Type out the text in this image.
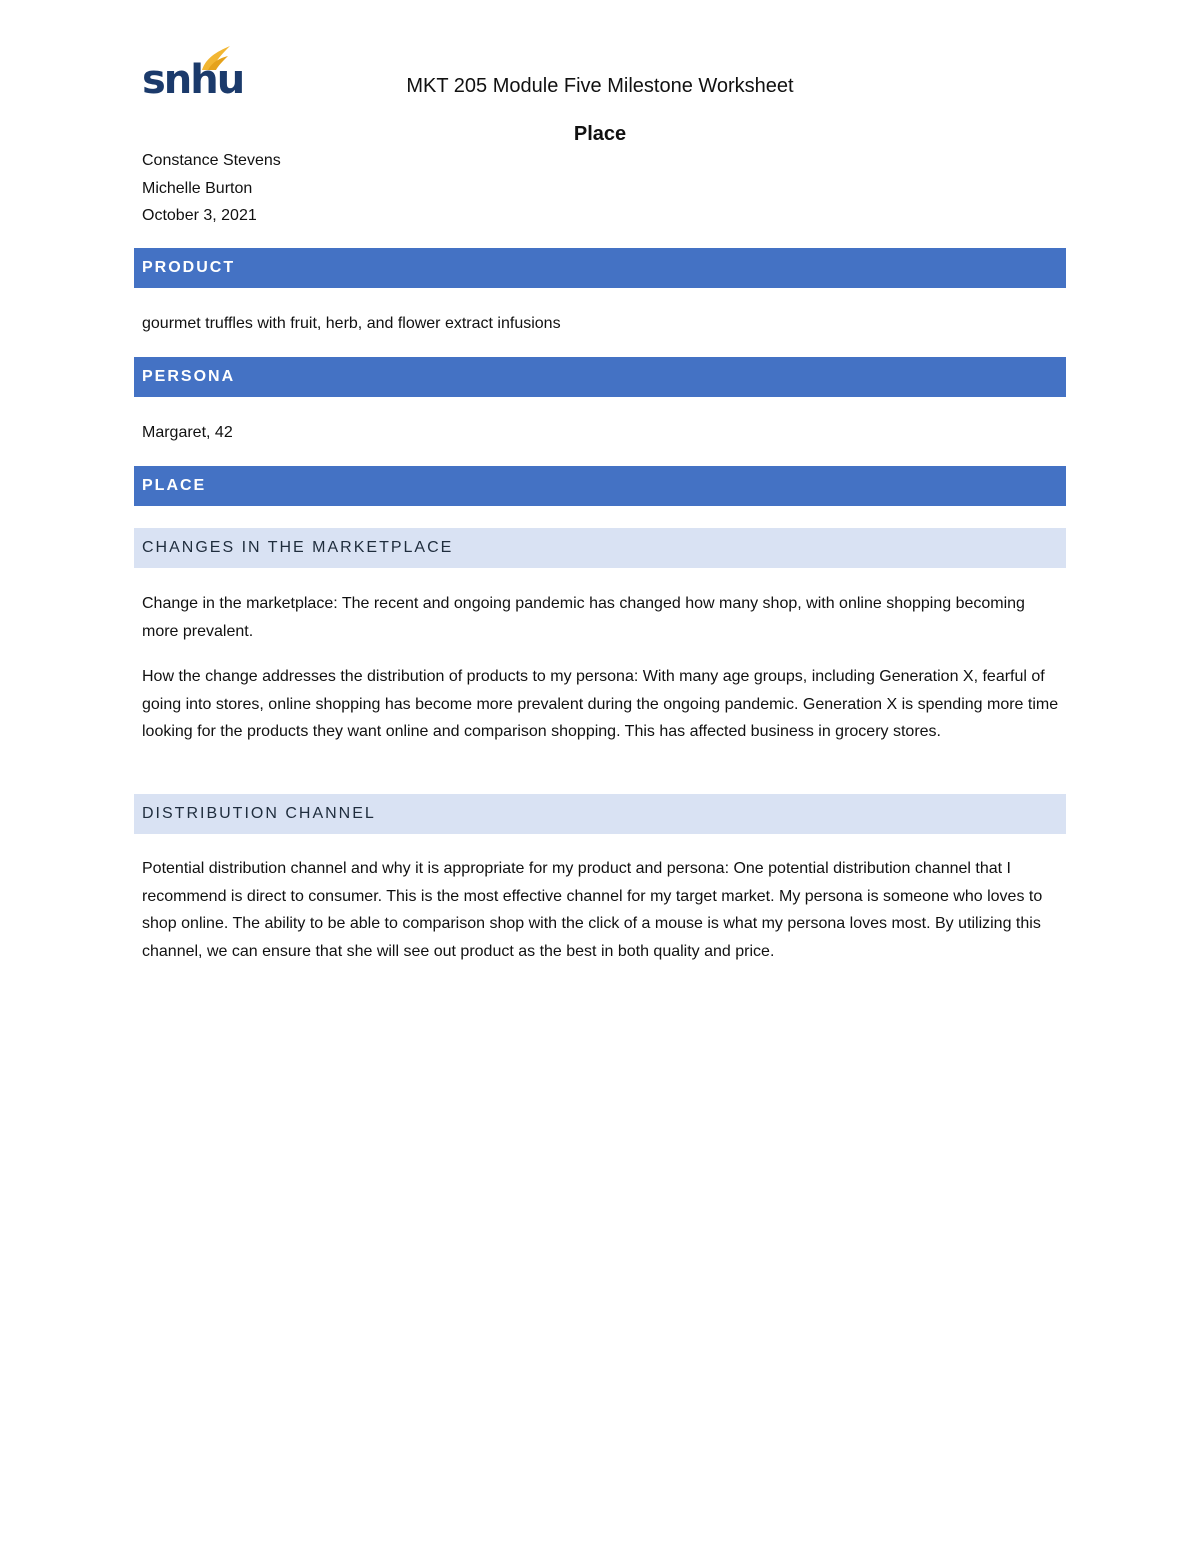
snhu	MKT 205 Module Five Milestone Worksheet
Place
Constance Stevens
Michelle Burton
October 3, 2021
PRODUCT
gourmet truffles with fruit, herb, and flower extract infusions
PERSONA
Margaret, 42
PLACE
CHANGES IN THE MARKETPLACE
Change in the marketplace: The recent and ongoing pandemic has changed how many shop, with online shopping becoming more prevalent.
How the change addresses the distribution of products to my persona: With many age groups, including Generation X, fearful of going into stores, online shopping has become more prevalent during the ongoing pandemic. Generation X is spending more time looking for the products they want online and comparison shopping. This has affected business in grocery stores.
DISTRIBUTION CHANNEL
Potential distribution channel and why it is appropriate for my product and persona: One potential distribution channel that I recommend is direct to consumer. This is the most effective channel for my target market. My persona is someone who loves to shop online. The ability to be able to comparison shop with the click of a mouse is what my persona loves most. By utilizing this channel, we can ensure that she will see out product as the best in both quality and price.
